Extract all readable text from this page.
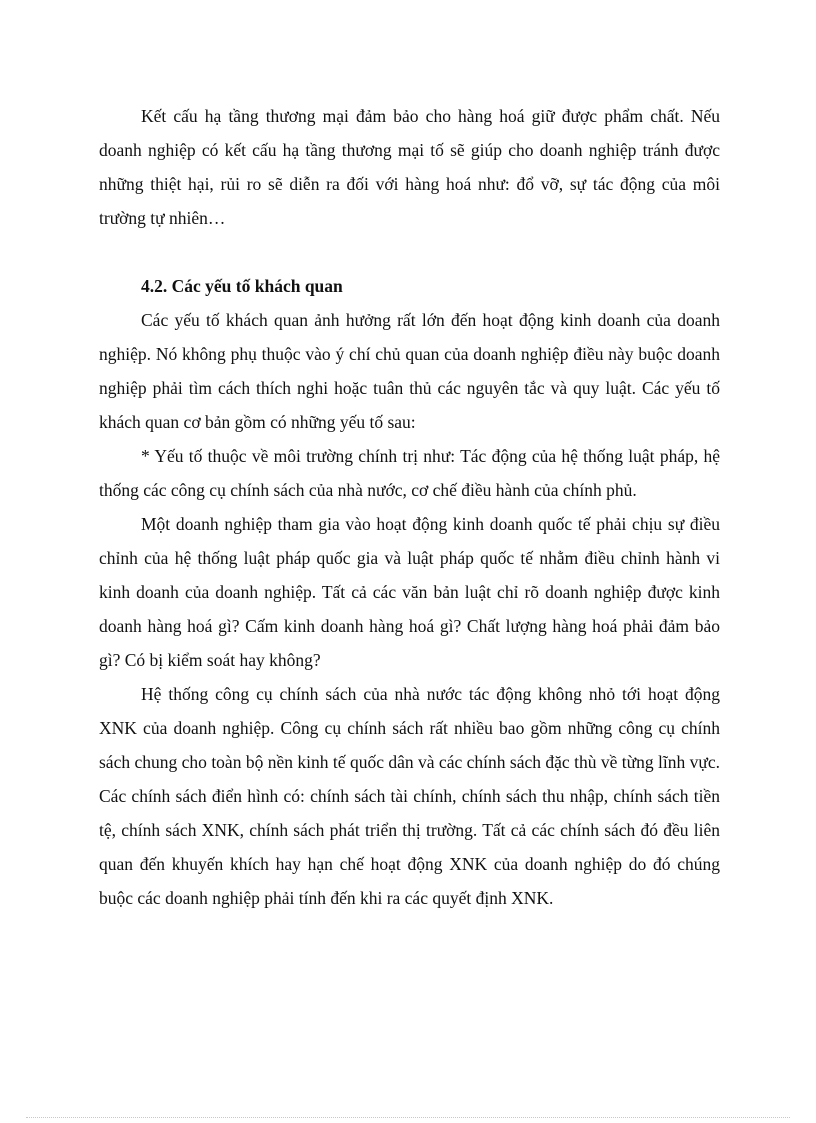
Kết cấu hạ tầng thương mại đảm bảo cho hàng hoá giữ được phẩm chất. Nếu doanh nghiệp có kết cấu hạ tầng thương mại tố sẽ giúp cho doanh nghiệp tránh được những thiệt hại, rủi ro sẽ diễn ra đối với hàng hoá như: đổ vỡ, sự tác động của môi trường tự nhiên…

4.2. Các yếu tố khách quan

Các yếu tố khách quan ảnh hưởng rất lớn đến hoạt động kinh doanh của doanh nghiệp. Nó không phụ thuộc vào ý chí chủ quan của doanh nghiệp điều này buộc doanh nghiệp phải tìm cách thích nghi hoặc tuân thủ các nguyên tắc và quy luật. Các yếu tố khách quan cơ bản gồm có những yếu tố sau:

* Yếu tố thuộc về môi trường chính trị như: Tác động của hệ thống luật pháp, hệ thống các công cụ chính sách của nhà nước, cơ chế điều hành của chính phủ.

Một doanh nghiệp tham gia vào hoạt động kinh doanh quốc tế phải chịu sự điều chỉnh của hệ thống luật pháp quốc gia và luật pháp quốc tế nhằm điều chỉnh hành vi kinh doanh của doanh nghiệp. Tất cả các văn bản luật chỉ rõ doanh nghiệp được kinh doanh hàng hoá gì? Cấm kinh doanh hàng hoá gì? Chất lượng hàng hoá phải đảm bảo gì? Có bị kiểm soát hay không?

Hệ thống công cụ chính sách của nhà nước tác động không nhỏ tới hoạt động XNK của doanh nghiệp. Công cụ chính sách rất nhiều bao gồm những công cụ chính sách chung cho toàn bộ nền kinh tế quốc dân và các chính sách đặc thù về từng lĩnh vực. Các chính sách điển hình có: chính sách tài chính, chính sách thu nhập, chính sách tiền tệ, chính sách XNK, chính sách phát triển thị trường. Tất cả các chính sách đó đều liên quan đến khuyến khích hay hạn chế hoạt động XNK của doanh nghiệp do đó chúng buộc các doanh nghiệp phải tính đến khi ra các quyết định XNK.
